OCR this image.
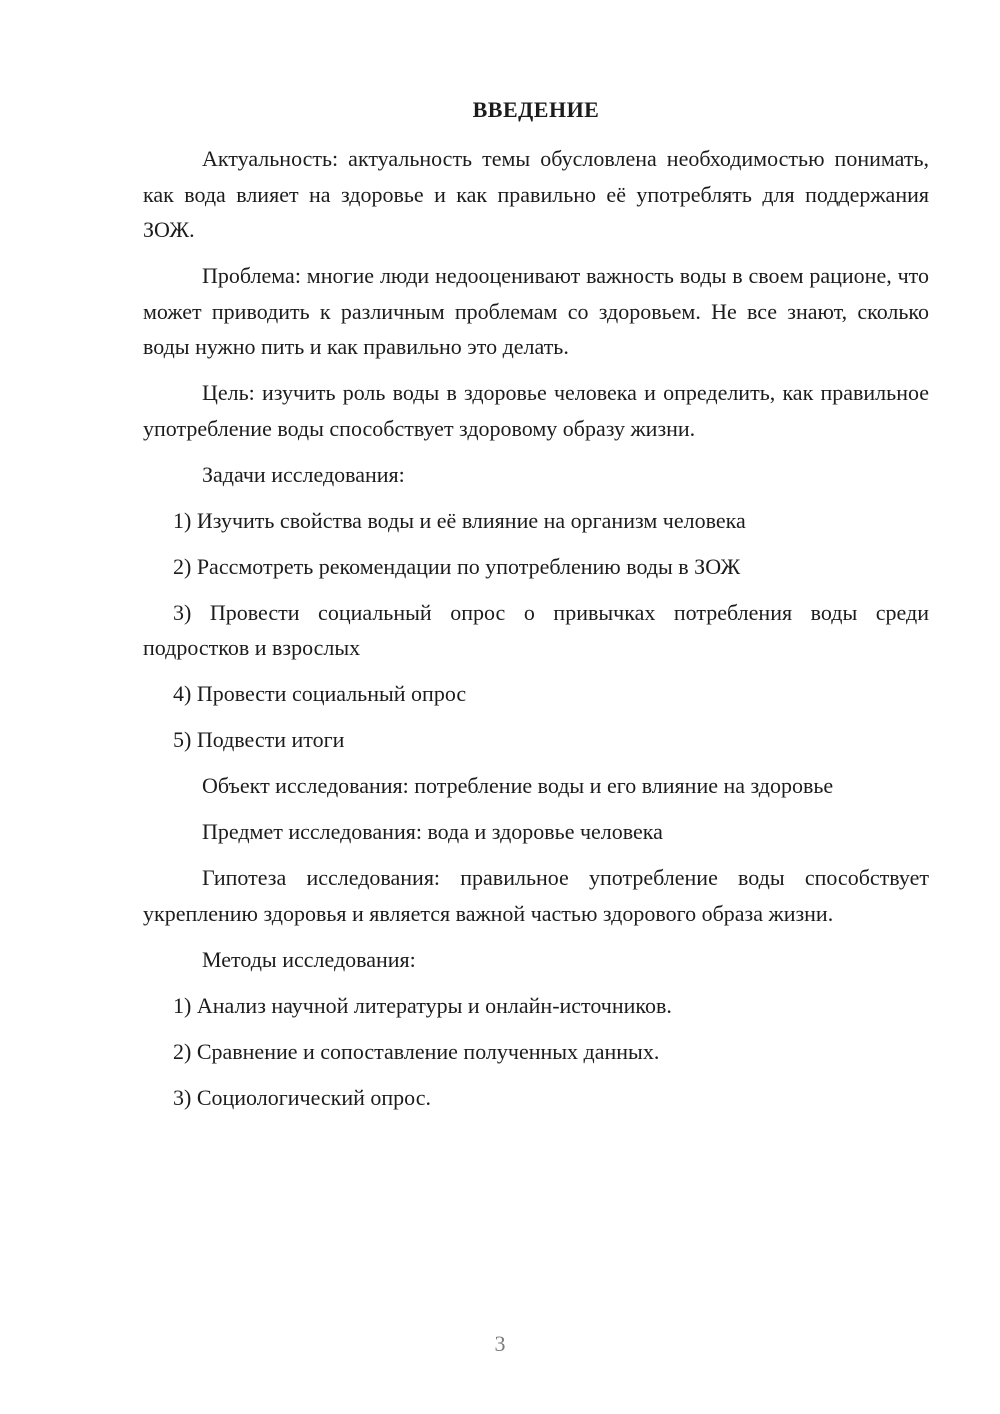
ВВЕДЕНИЕ

Актуальность: актуальность темы обусловлена необходимостью понимать, как вода влияет на здоровье и как правильно её употреблять для поддержания ЗОЖ.

Проблема: многие люди недооценивают важность воды в своем рационе, что может приводить к различным проблемам со здоровьем. Не все знают, сколько воды нужно пить и как правильно это делать.

Цель: изучить роль воды в здоровье человека и определить, как правильное употребление воды способствует здоровому образу жизни.

Задачи исследования:

1) Изучить свойства воды и её влияние на организм человека

2) Рассмотреть рекомендации по употреблению воды в ЗОЖ

3) Провести социальный опрос о привычках потребления воды среди подростков и взрослых

4) Провести социальный опрос

5) Подвести итоги

Объект исследования: потребление воды и его влияние на здоровье

Предмет исследования: вода и здоровье человека

Гипотеза исследования: правильное употребление воды способствует укреплению здоровья и является важной частью здорового образа жизни.

Методы исследования:

1) Анализ научной литературы и онлайн-источников.

2) Сравнение и сопоставление полученных данных.

3) Социологический опрос.

3
